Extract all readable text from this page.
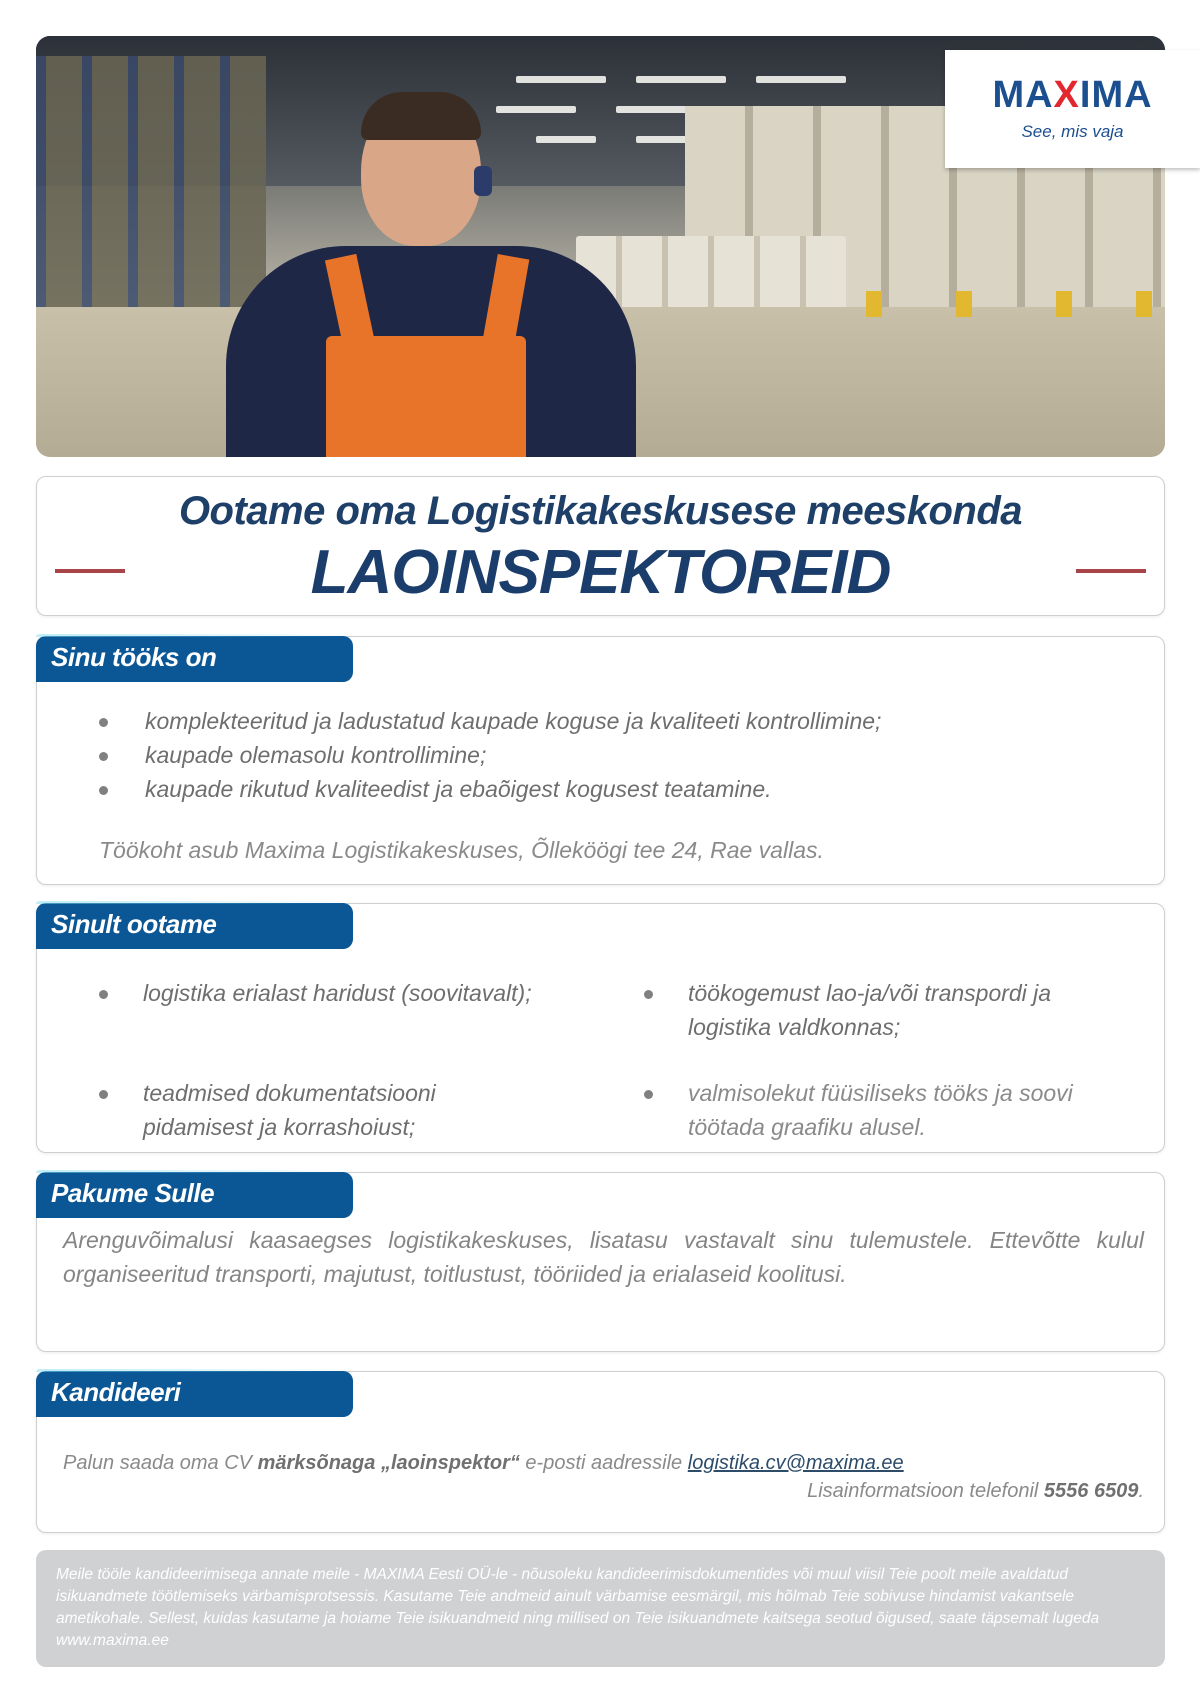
MAXIMA
See, mis vaja
Ootame oma Logistikakeskusese meeskonda
LAOINSPEKTOREID
Sinu tööks on
komplekteeritud ja ladustatud kaupade koguse ja kvaliteeti kontrollimine;
kaupade olemasolu kontrollimine;
kaupade rikutud kvaliteedist ja ebaõigest kogusest teatamine.
Töökoht asub Maxima Logistikakeskuses, Õlleköögi tee 24, Rae vallas.
Sinult ootame
logistika erialast haridust (soovitavalt);
teadmised dokumentatsiooni pidamisest ja korrashoiust;
töökogemust lao-ja/või transpordi ja logistika valdkonnas;
valmisolekut füüsiliseks tööks ja soovi töötada graafiku alusel.
Pakume Sulle
Arenguvõimalusi kaasaegses logistikakeskuses, lisatasu vastavalt sinu tulemustele. Ettevõtte kulul organiseeritud transporti, majutust, toitlustust, tööriided ja erialaseid koolitusi.
Kandideeri
Palun saada oma CV märksõnaga „laoinspektor“ e-posti aadressile logistika.cv@maxima.ee
Lisainformatsioon telefonil 5556 6509.
Meile tööle kandideerimisega annate meile - MAXIMA Eesti OÜ-le - nõusoleku kandideerimisdokumentides või muul viisil Teie poolt meile avaldatud isikuandmete töötlemiseks värbamisprotsessis. Kasutame Teie andmeid ainult värbamise eesmärgil, mis hõlmab Teie sobivuse hindamist vakantsele ametikohale. Sellest, kuidas kasutame ja hoiame Teie isikuandmeid ning millised on Teie isikuandmete kaitsega seotud õigused, saate täpsemalt lugeda www.maxima.ee
